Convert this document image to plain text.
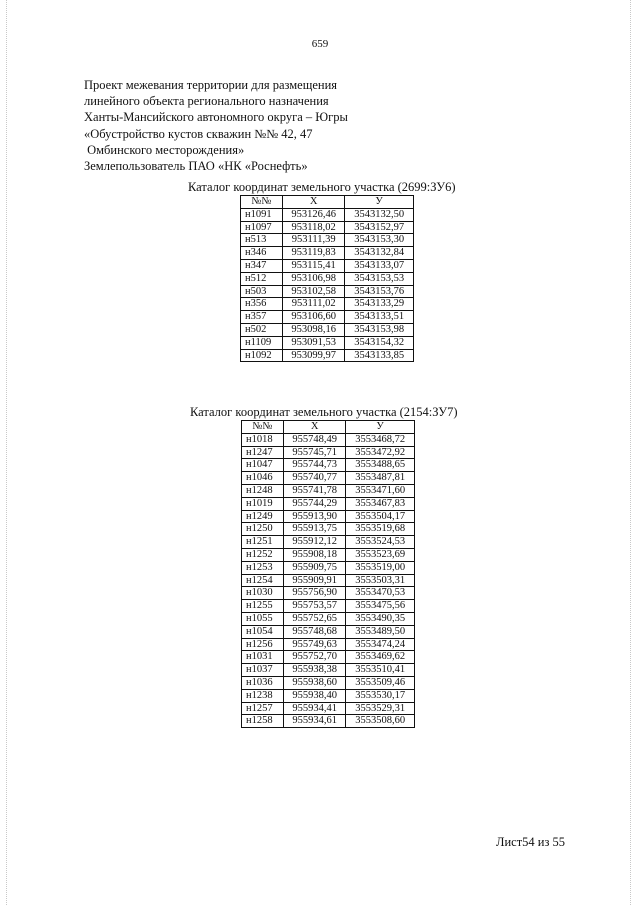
659
Проект межевания территории для размещения
линейного объекта регионального назначения
Ханты-Мансийского автономного округа – Югры
«Обустройство кустов скважин №№ 42, 47
Омбинского месторождения»
Землепользователь ПАО «НК «Роснефть»
Каталог координат земельного участка (2699:ЗУ6)
№№	X	У
н1091	953126,46	3543132,50
н1097	953118,02	3543152,97
н513	953111,39	3543153,30
н346	953119,83	3543132,84
н347	953115,41	3543133,07
н512	953106,98	3543153,53
н503	953102,58	3543153,76
н356	953111,02	3543133,29
н357	953106,60	3543133,51
н502	953098,16	3543153,98
н1109	953091,53	3543154,32
н1092	953099,97	3543133,85
Каталог координат земельного участка (2154:ЗУ7)
№№	X	У
н1018	955748,49	3553468,72
н1247	955745,71	3553472,92
н1047	955744,73	3553488,65
н1046	955740,77	3553487,81
н1248	955741,78	3553471,60
н1019	955744,29	3553467,83
н1249	955913,90	3553504,17
н1250	955913,75	3553519,68
н1251	955912,12	3553524,53
н1252	955908,18	3553523,69
н1253	955909,75	3553519,00
н1254	955909,91	3553503,31
н1030	955756,90	3553470,53
н1255	955753,57	3553475,56
н1055	955752,65	3553490,35
н1054	955748,68	3553489,50
н1256	955749,63	3553474,24
н1031	955752,70	3553469,62
н1037	955938,38	3553510,41
н1036	955938,60	3553509,46
н1238	955938,40	3553530,17
н1257	955934,41	3553529,31
н1258	955934,61	3553508,60
Лист54 из 55
